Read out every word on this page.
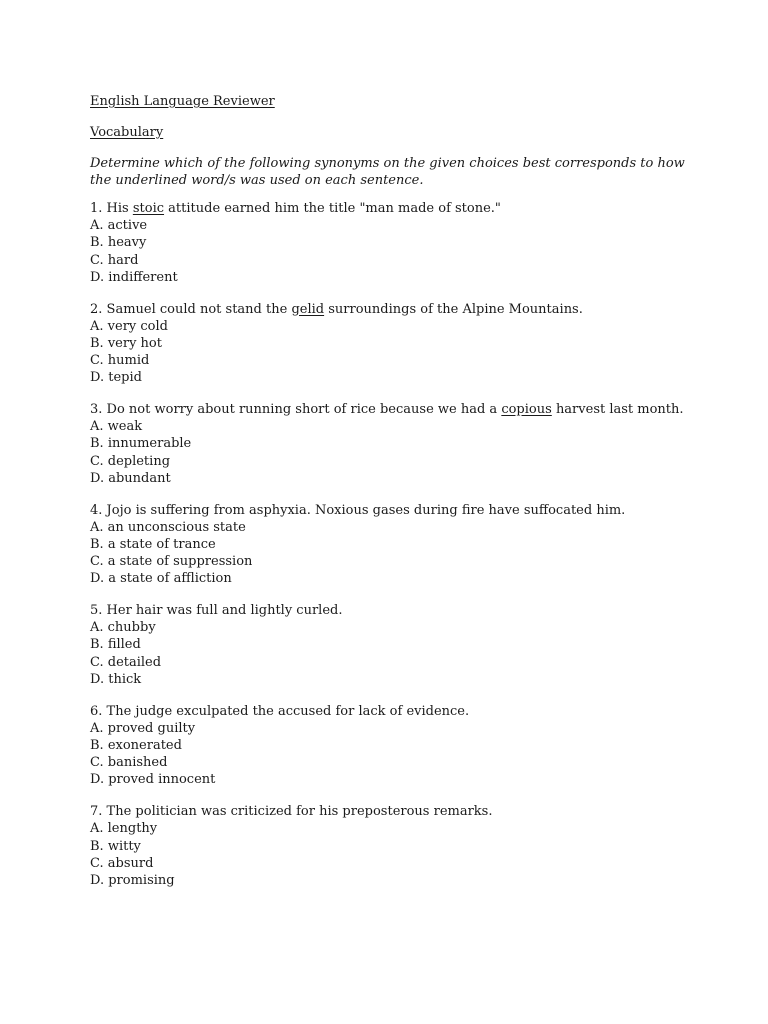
English Language Reviewer

Vocabulary

Determine which of the following synonyms on the given choices best corresponds to how the underlined word/s was used on each sentence.

1. His stoic attitude earned him the title "man made of stone."

A. active

B. heavy

C. hard

D. indifferent

2. Samuel could not stand the gelid surroundings of the Alpine Mountains.

A. very cold

B. very hot

C. humid

D. tepid

3. Do not worry about running short of rice because we had a copious harvest last month.

A. weak

B. innumerable

C. depleting

D. abundant

4. Jojo is suffering from asphyxia. Noxious gases during fire have suffocated him.

A. an unconscious state

B. a state of trance

C. a state of suppression

D. a state of affliction

5. Her hair was full and lightly curled.

A. chubby

B. filled

C. detailed

D. thick

6. The judge exculpated the accused for lack of evidence.

A. proved guilty

B. exonerated

C. banished

D. proved innocent

7. The politician was criticized for his preposterous remarks.

A. lengthy

B. witty

C. absurd

D. promising
